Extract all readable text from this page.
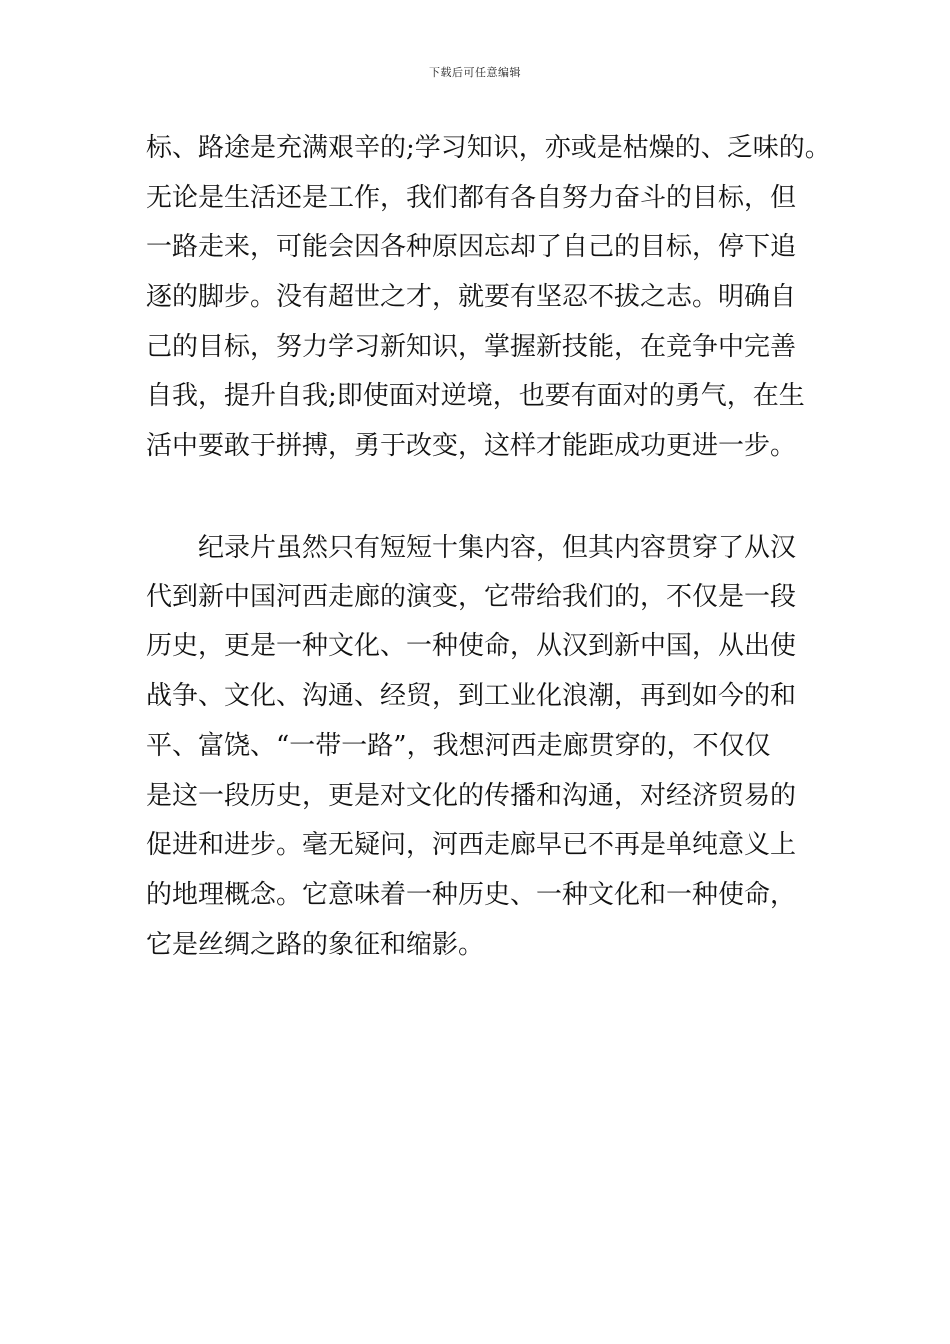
下载后可任意编辑
标、路途是充满艰辛的;学习知识，亦或是枯燥的、乏味的。
无论是生活还是工作，我们都有各自努力奋斗的目标，但
一路走来，可能会因各种原因忘却了自己的目标，停下追
逐的脚步。没有超世之才，就要有坚忍不拔之志。明确自
己的目标，努力学习新知识，掌握新技能，在竞争中完善
自我，提升自我;即使面对逆境，也要有面对的勇气，在生
活中要敢于拼搏，勇于改变，这样才能距成功更进一步。
纪录片虽然只有短短十集内容，但其内容贯穿了从汉
代到新中国河西走廊的演变，它带给我们的，不仅是一段
历史，更是一种文化、一种使命，从汉到新中国，从出使
战争、文化、沟通、经贸，到工业化浪潮，再到如今的和
平、富饶、“一带一路”，我想河西走廊贯穿的，不仅仅
是这一段历史，更是对文化的传播和沟通，对经济贸易的
促进和进步。毫无疑问，河西走廊早已不再是单纯意义上
的地理概念。它意味着一种历史、一种文化和一种使命，
它是丝绸之路的象征和缩影。
